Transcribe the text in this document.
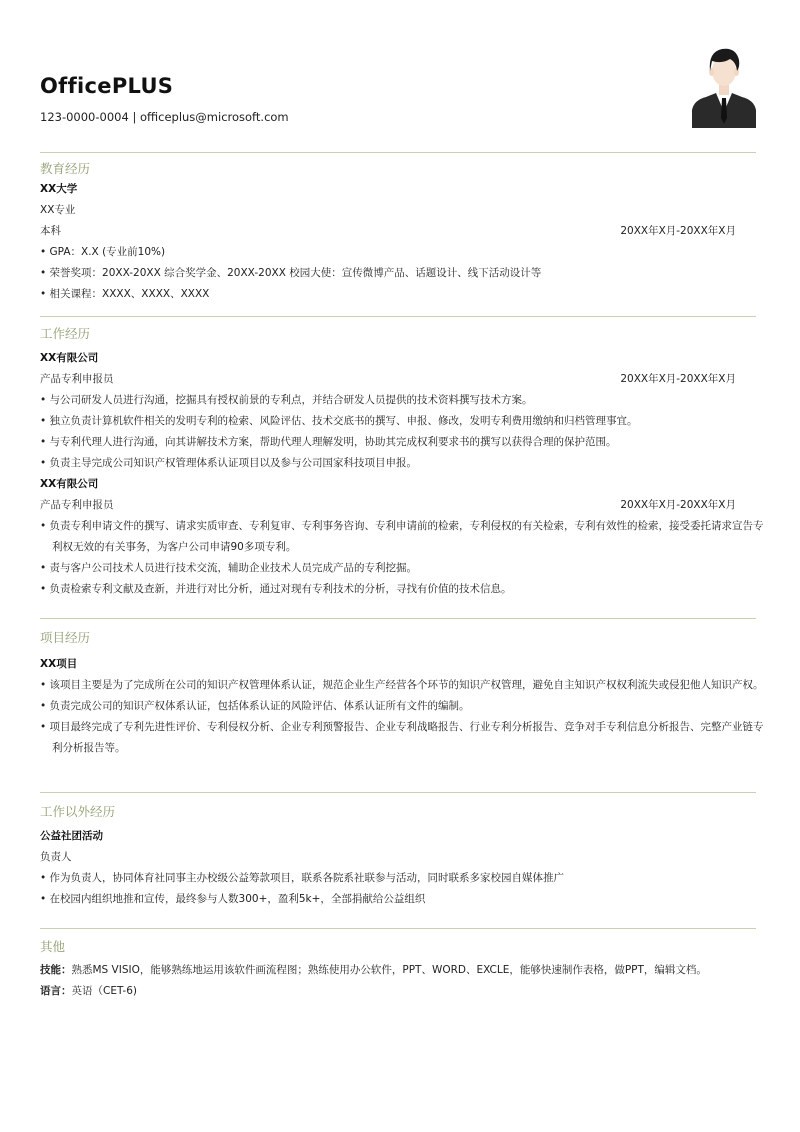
OfficePLUS
123-0000-0004 | officeplus@microsoft.com
教育经历
XX大学
XX专业
本科	20XX年X月-20XX年X月
• GPA：X.X (专业前10%)
• 荣誉奖项：20XX-20XX 综合奖学金、20XX-20XX 校园大使：宣传微博产品、话题设计、线下活动设计等
• 相关课程：XXXX、XXXX、XXXX
工作经历
XX有限公司
产品专利申报员	20XX年X月-20XX年X月
• 与公司研发人员进行沟通，挖掘具有授权前景的专利点，并结合研发人员提供的技术资料撰写技术方案。
• 独立负责计算机软件相关的发明专利的检索、风险评估、技术交底书的撰写、申报、修改，发明专利费用缴纳和归档管理事宜。
• 与专利代理人进行沟通，向其讲解技术方案，帮助代理人理解发明，协助其完成权利要求书的撰写以获得合理的保护范围。
• 负责主导完成公司知识产权管理体系认证项目以及参与公司国家科技项目申报。
XX有限公司
产品专利申报员	20XX年X月-20XX年X月
• 负责专利申请文件的撰写、请求实质审查、专利复审、专利事务咨询、专利申请前的检索，专利侵权的有关检索，专利有效性的检索，接受委托请求宣告专利权无效的有关事务，为客户公司申请90多项专利。
• 责与客户公司技术人员进行技术交流，辅助企业技术人员完成产品的专利挖掘。
• 负责检索专利文献及查新，并进行对比分析，通过对现有专利技术的分析，寻找有价值的技术信息。
项目经历
XX项目
• 该项目主要是为了完成所在公司的知识产权管理体系认证，规范企业生产经营各个环节的知识产权管理，避免自主知识产权权利流失或侵犯他人知识产权。
• 负责完成公司的知识产权体系认证，包括体系认证的风险评估、体系认证所有文件的编制。
• 项目最终完成了专利先进性评价、专利侵权分析、企业专利预警报告、企业专利战略报告、行业专利分析报告、竞争对手专利信息分析报告、完整产业链专利分析报告等。
工作以外经历
公益社团活动
负责人
• 作为负责人，协同体育社同事主办校级公益筹款项目，联系各院系社联参与活动，同时联系多家校园自媒体推广
• 在校园内组织地推和宣传，最终参与人数300+，盈利5k+，全部捐献给公益组织
其他
技能：熟悉MS VISIO，能够熟练地运用该软件画流程图；熟练使用办公软件，PPT、WORD、EXCLE，能够快速制作表格，做PPT，编辑文档。
语言：英语（CET-6)
